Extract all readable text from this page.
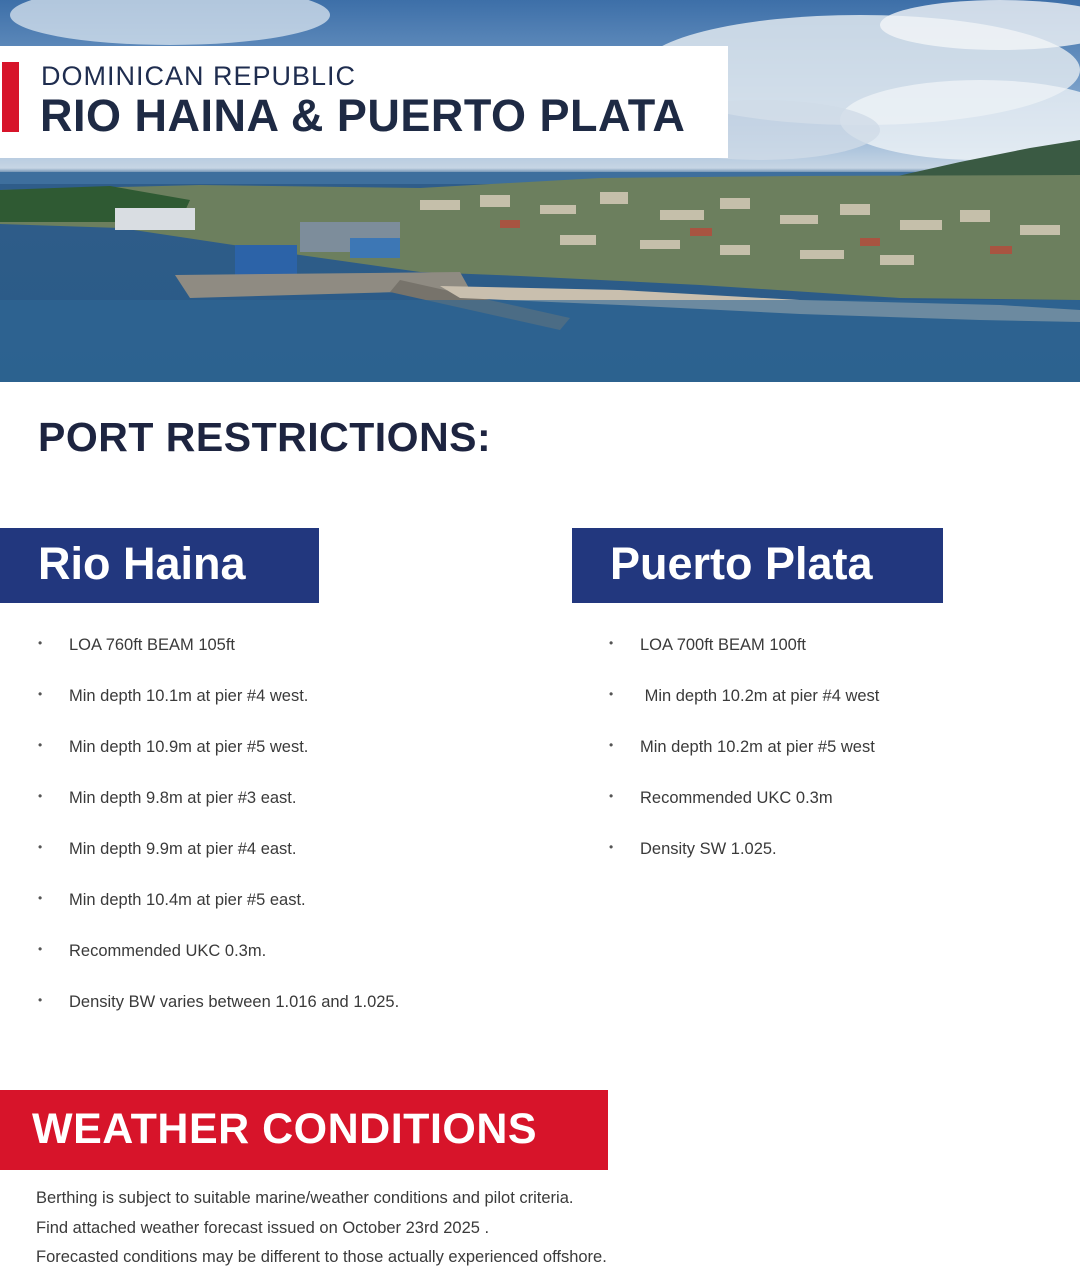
DOMINICAN REPUBLIC
RIO HAINA & PUERTO PLATA
PORT RESTRICTIONS:
Rio Haina
• LOA 760ft BEAM 105ft
• Min depth 10.1m at pier #4 west.
• Min depth 10.9m at pier #5 west.
• Min depth 9.8m at pier #3 east.
• Min depth 9.9m at pier #4 east.
• Min depth 10.4m at pier #5 east.
• Recommended UKC 0.3m.
• Density BW varies between 1.016 and 1.025.
Puerto Plata
• LOA 700ft BEAM 100ft
• Min depth 10.2m at pier #4 west
• Min depth 10.2m at pier #5 west
• Recommended UKC 0.3m
• Density SW 1.025.
WEATHER CONDITIONS

Berthing is subject to suitable marine/weather conditions and pilot criteria.

Find attached weather forecast issued on October 23rd 2025 .

Forecasted conditions may be different to those actually experienced offshore.
